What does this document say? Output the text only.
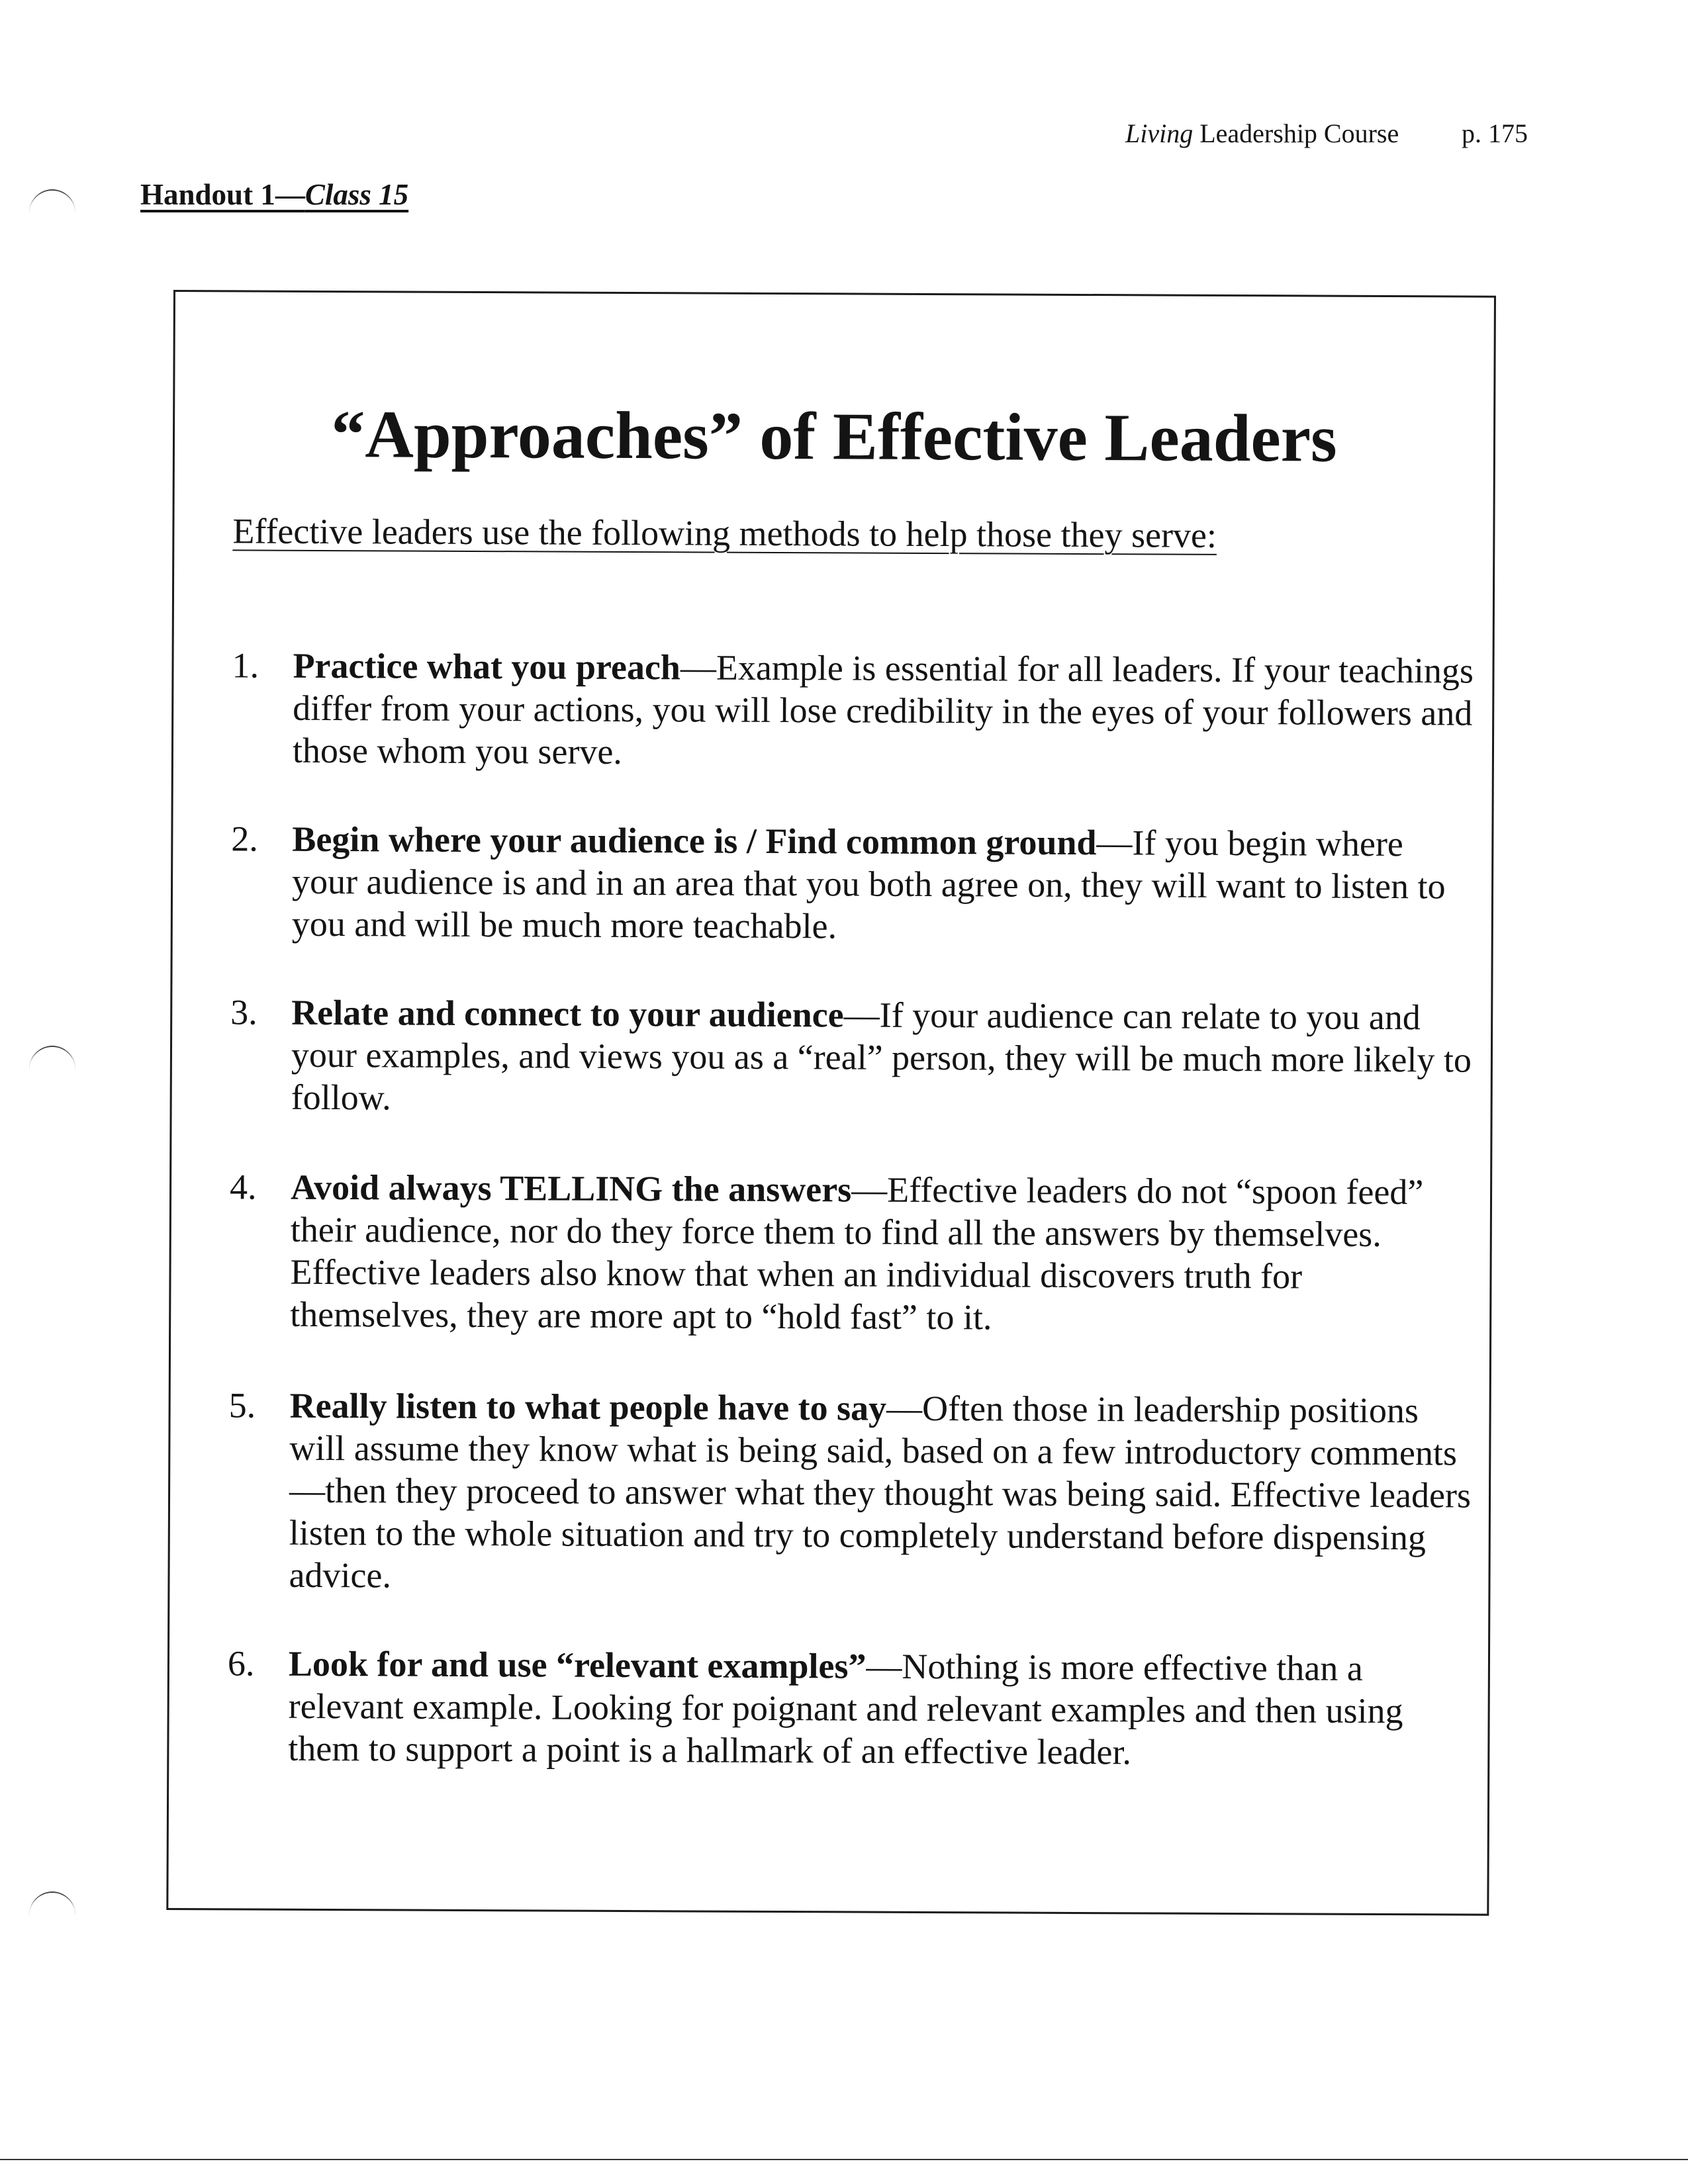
Living Leadership Course p. 175
Handout 1—Class 15
“Approaches” of Effective Leaders
Effective leaders use the following methods to help those they serve:
1. Practice what you preach—Example is essential for all leaders. If your teachings differ from your actions, you will lose credibility in the eyes of your followers and those whom you serve.
2. Begin where your audience is / Find common ground—If you begin where your audience is and in an area that you both agree on, they will want to listen to you and will be much more teachable.
3. Relate and connect to your audience—If your audience can relate to you and your examples, and views you as a “real” person, they will be much more likely to follow.
4. Avoid always TELLING the answers—Effective leaders do not “spoon feed” their audience, nor do they force them to find all the answers by themselves. Effective leaders also know that when an individual discovers truth for themselves, they are more apt to “hold fast” to it.
5. Really listen to what people have to say—Often those in leadership positions will assume they know what is being said, based on a few introductory comments—then they proceed to answer what they thought was being said. Effective leaders listen to the whole situation and try to completely understand before dispensing advice.
6. Look for and use “relevant examples”—Nothing is more effective than a relevant example. Looking for poignant and relevant examples and then using them to support a point is a hallmark of an effective leader.
